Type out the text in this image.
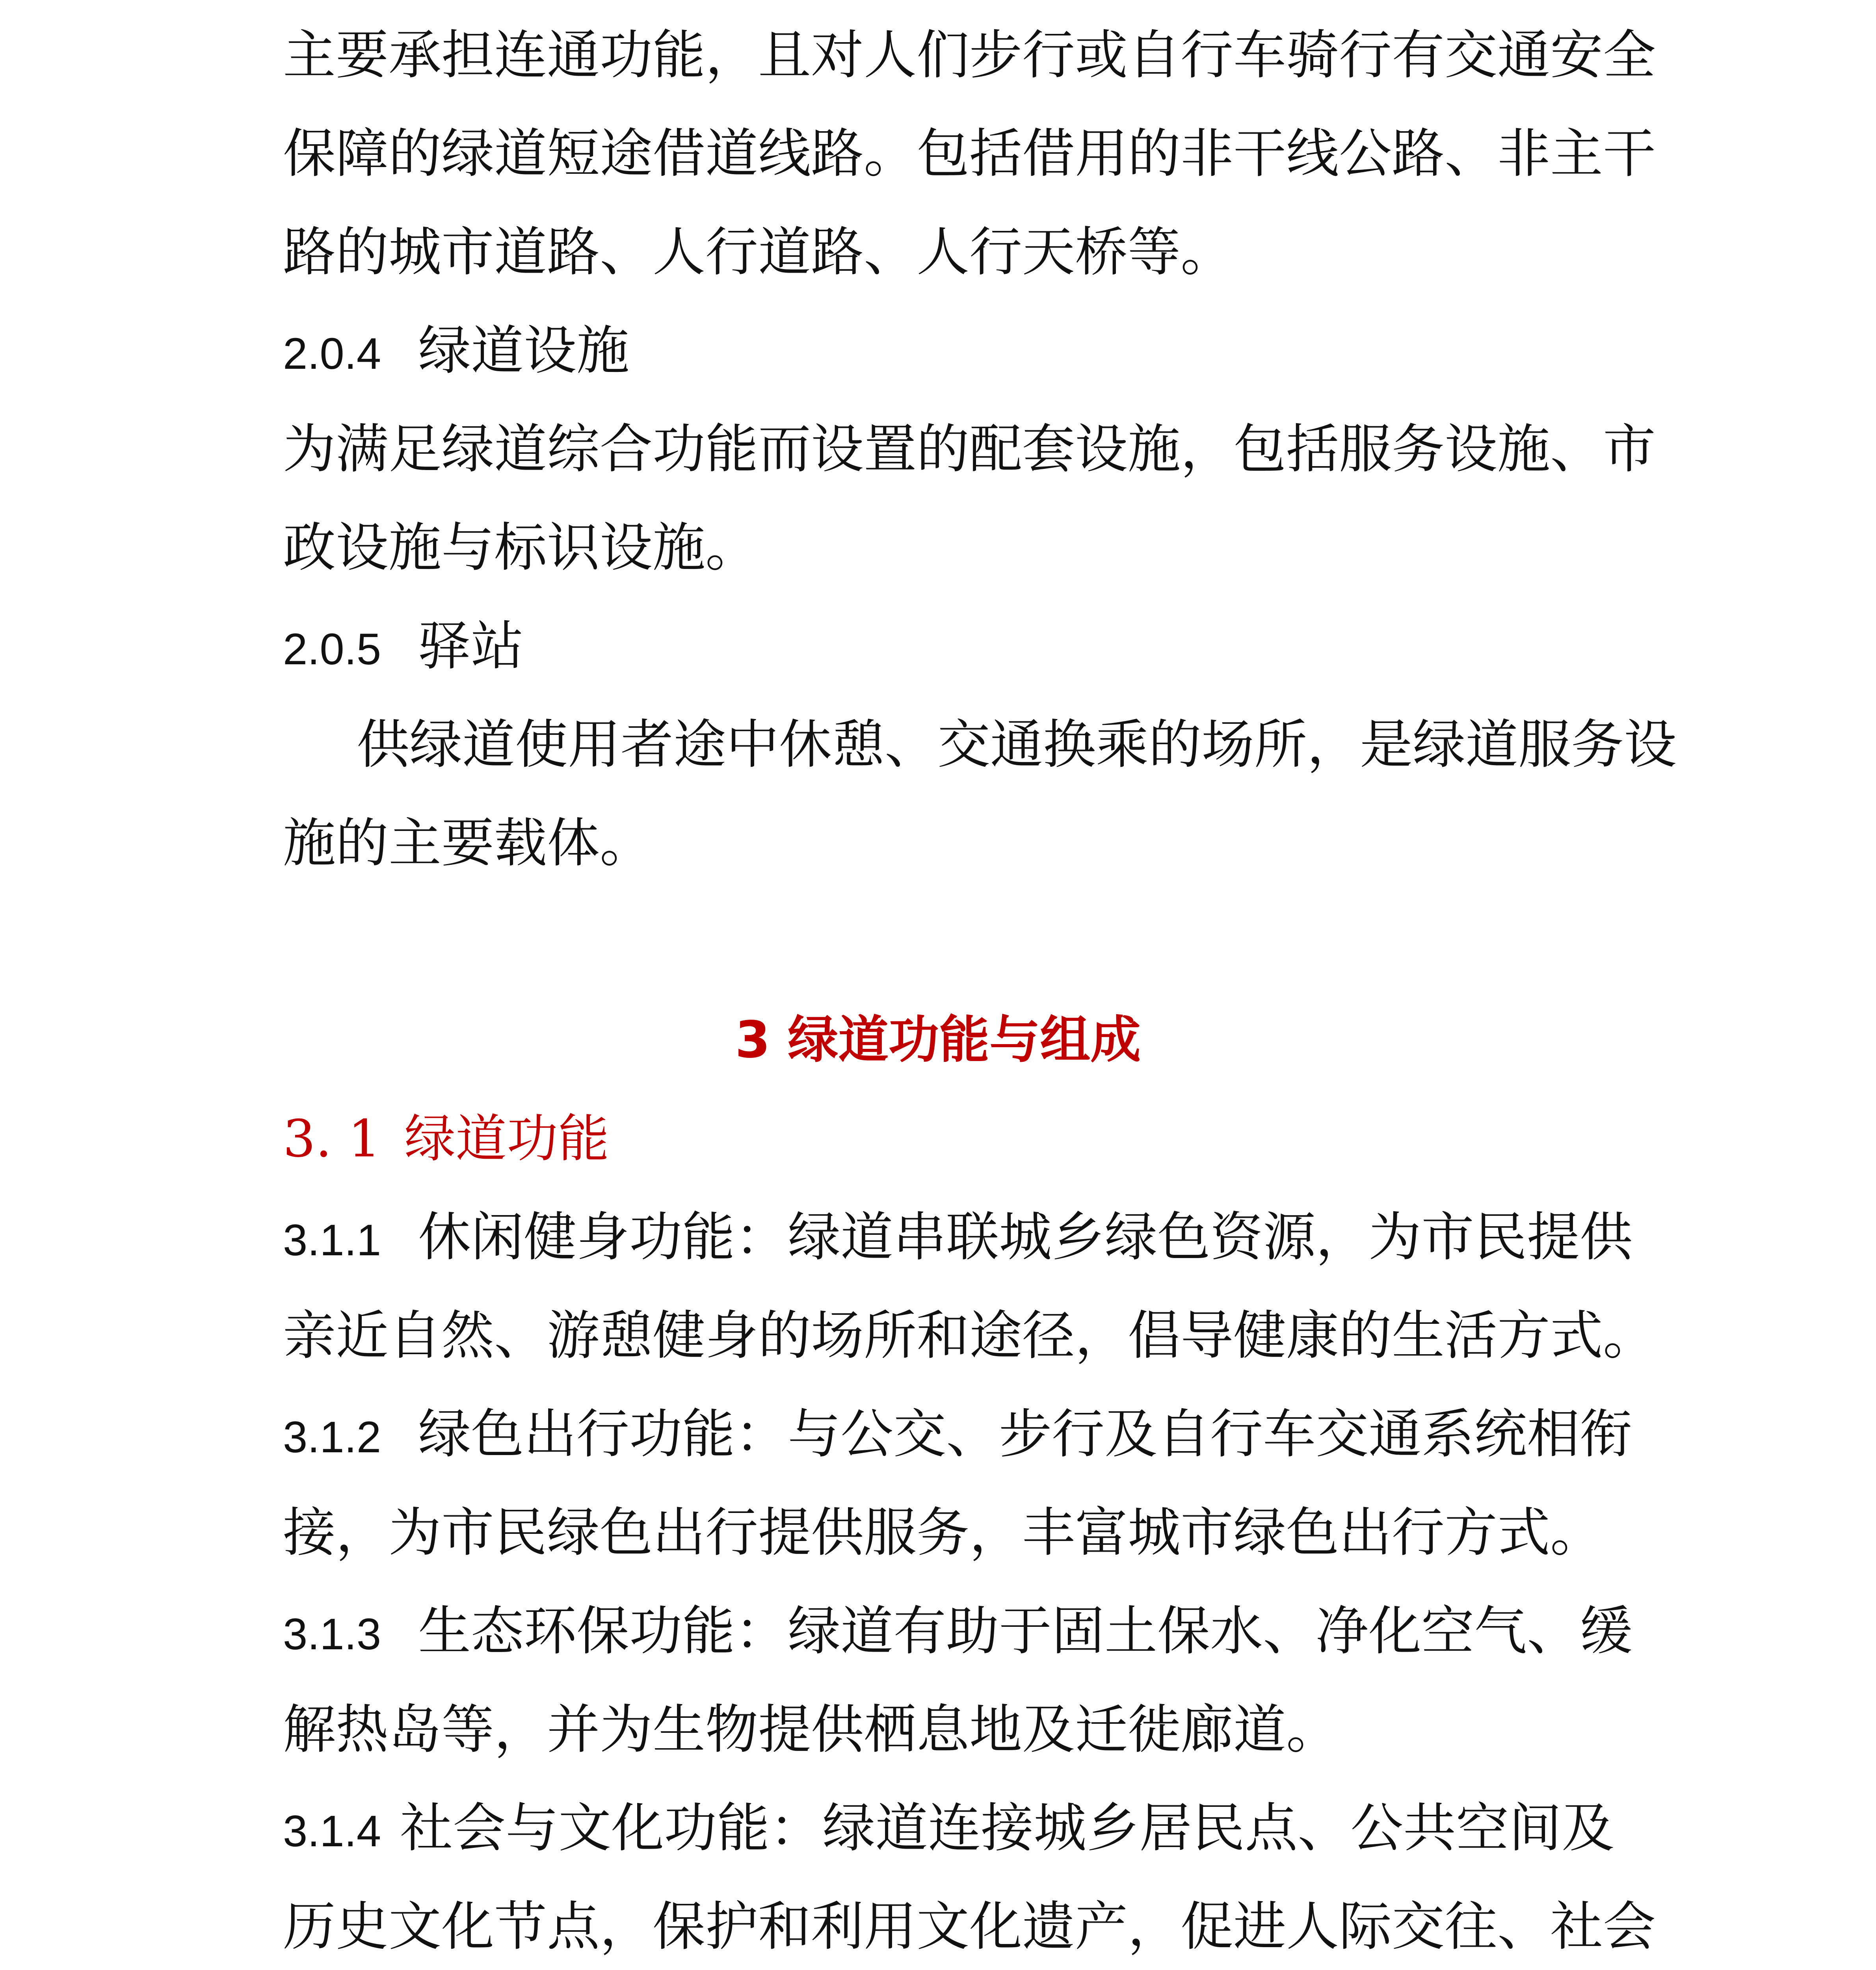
主要承担连通功能，且对人们步行或自行车骑行有交通安全
保障的绿道短途借道线路。包括借用的非干线公路、非主干
路的城市道路、人行道路、人行天桥等。
2.0.4 绿道设施
为满足绿道综合功能而设置的配套设施，包括服务设施、市
政设施与标识设施。
2.0.5 驿站
供绿道使用者途中休憩、交通换乘的场所，是绿道服务设
施的主要载体。
3 绿道功能与组成
3. 1 绿道功能
3.1.1 休闲健身功能：绿道串联城乡绿色资源，为市民提供
亲近自然、游憩健身的场所和途径，倡导健康的生活方式。
3.1.2 绿色出行功能：与公交、步行及自行车交通系统相衔
接，为市民绿色出行提供服务，丰富城市绿色出行方式。
3.1.3 生态环保功能：绿道有助于固土保水、净化空气、缓
解热岛等，并为生物提供栖息地及迁徙廊道。
3.1.4 社会与文化功能：绿道连接城乡居民点、公共空间及
历史文化节点，保护和利用文化遗产，促进人际交往、社会
